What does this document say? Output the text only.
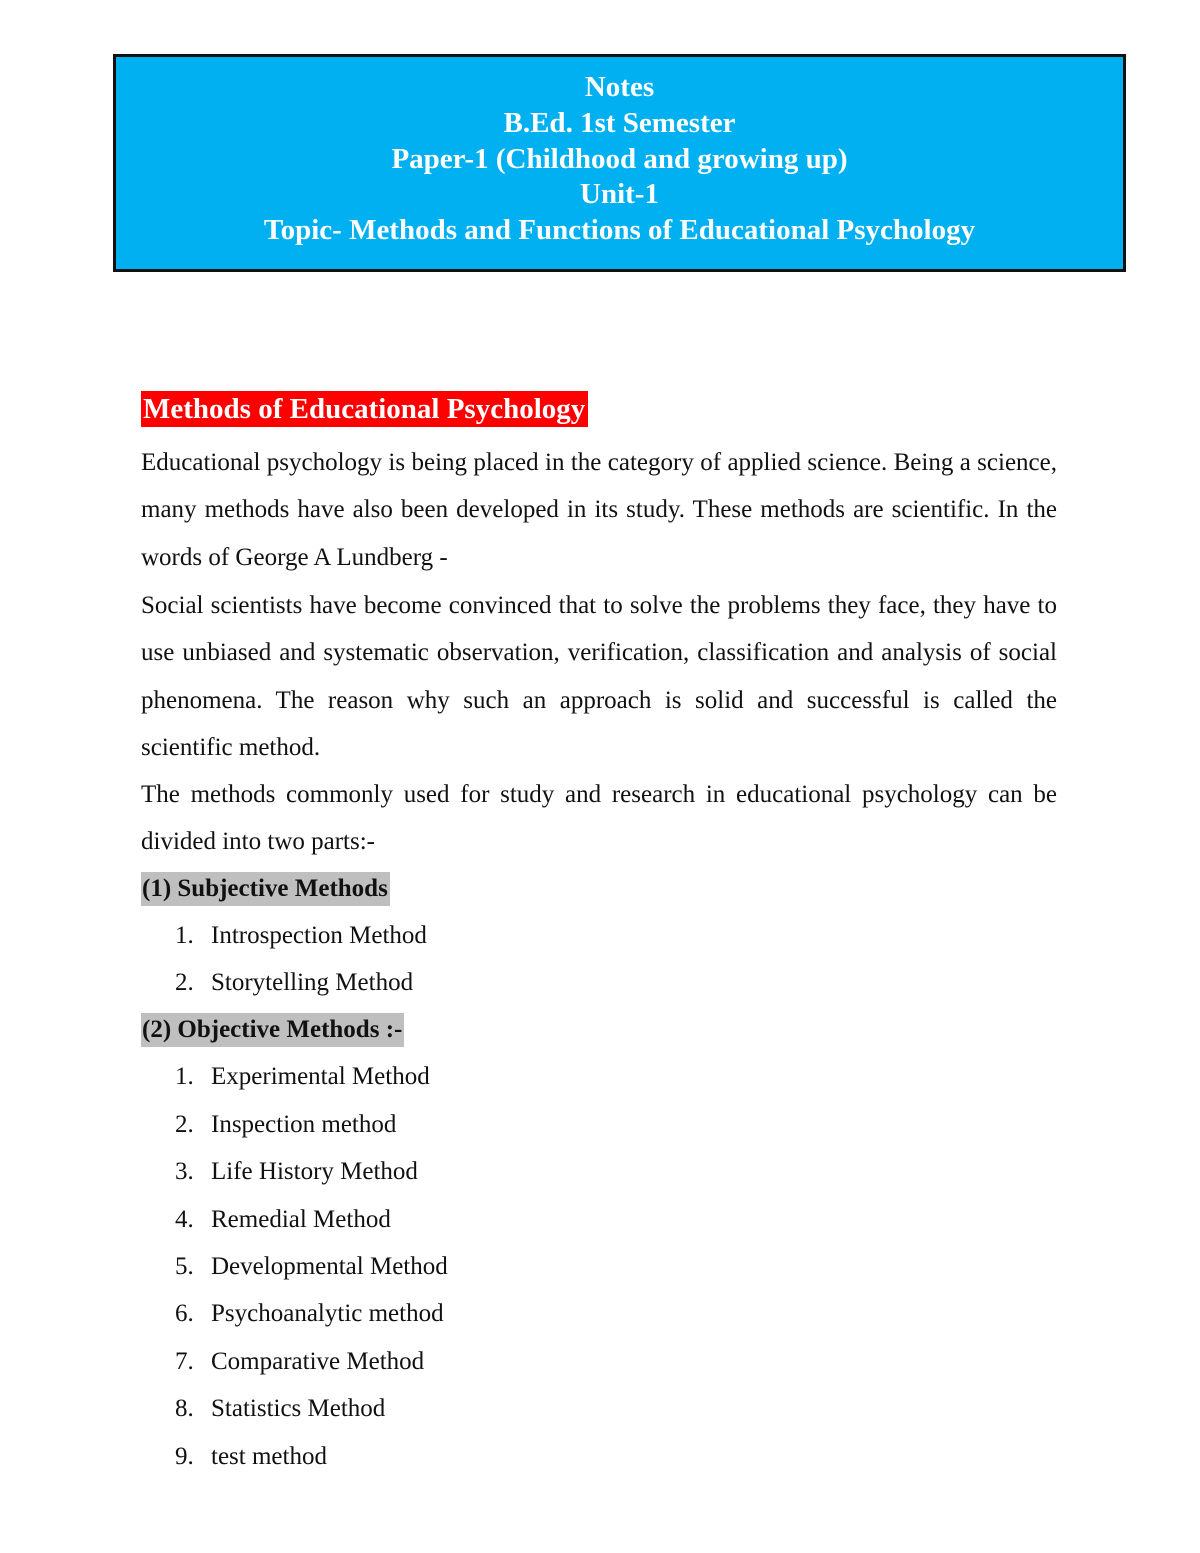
Notes
B.Ed. 1st Semester
Paper-1 (Childhood and growing up)
Unit-1
Topic- Methods and Functions of Educational Psychology
Methods of Educational Psychology
Educational psychology is being placed in the category of applied science. Being a science, many methods have also been developed in its study. These methods are scientific. In the words of George A Lundberg -
Social scientists have become convinced that to solve the problems they face, they have to use unbiased and systematic observation, verification, classification and analysis of social phenomena. The reason why such an approach is solid and successful is called the scientific method.
The methods commonly used for study and research in educational psychology can be divided into two parts:-
(1) Subjective Methods
1. Introspection Method
2. Storytelling Method
(2) Objective Methods :-
1. Experimental Method
2. Inspection method
3. Life History Method
4. Remedial Method
5. Developmental Method
6. Psychoanalytic method
7. Comparative Method
8. Statistics Method
9. test method
